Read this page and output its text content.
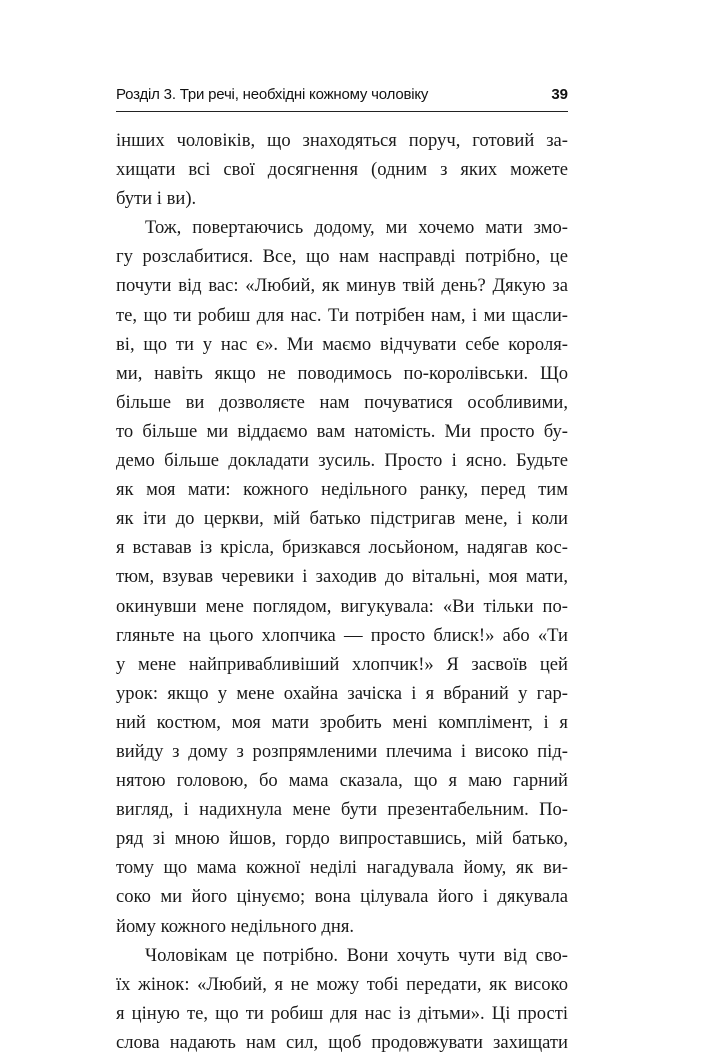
Розділ 3. Три речі, необхідні кожному чоловіку	39
інших чоловіків, що знаходяться поруч, готовий за-
хищати всі свої досягнення (одним з яких можете
бути і ви).
Тож, повертаючись додому, ми хочемо мати змо-
гу розслабитися. Все, що нам насправді потрібно, це
почути від вас: «Любий, як минув твій день? Дякую за
те, що ти робиш для нас. Ти потрібен нам, і ми щасли-
ві, що ти у нас є». Ми маємо відчувати себе короля-
ми, навіть якщо не поводимось по-королівськи. Що
більше ви дозволяєте нам почуватися особливими,
то більше ми віддаємо вам натомість. Ми просто бу-
демо більше докладати зусиль. Просто і ясно. Будьте
як моя мати: кожного недільного ранку, перед тим
як іти до церкви, мій батько підстригав мене, і коли
я вставав із крісла, бризкався лосьйоном, надягав кос-
тюм, взував черевики і заходив до вітальні, моя мати,
окинувши мене поглядом, вигукувала: «Ви тільки по-
гляньте на цього хлопчика — просто блиск!» або «Ти
у мене найпривабливіший хлопчик!» Я засвоїв цей
урок: якщо у мене охайна зачіска і я вбраний у гар-
ний костюм, моя мати зробить мені комплімент, і я
вийду з дому з розпрямленими плечима і високо під-
нятою головою, бо мама сказала, що я маю гарний
вигляд, і надихнула мене бути презентабельним. По-
ряд зі мною йшов, гордо випроставшись, мій батько,
тому що мама кожної неділі нагадувала йому, як ви-
соко ми його цінуємо; вона цілувала його і дякувала
йому кожного недільного дня.
Чоловікам це потрібно. Вони хочуть чути від сво-
їх жінок: «Любий, я не можу тобі передати, як високо
я ціную те, що ти робиш для нас із дітьми». Ці прості
слова надають нам сил, щоб продовжувати захищати
